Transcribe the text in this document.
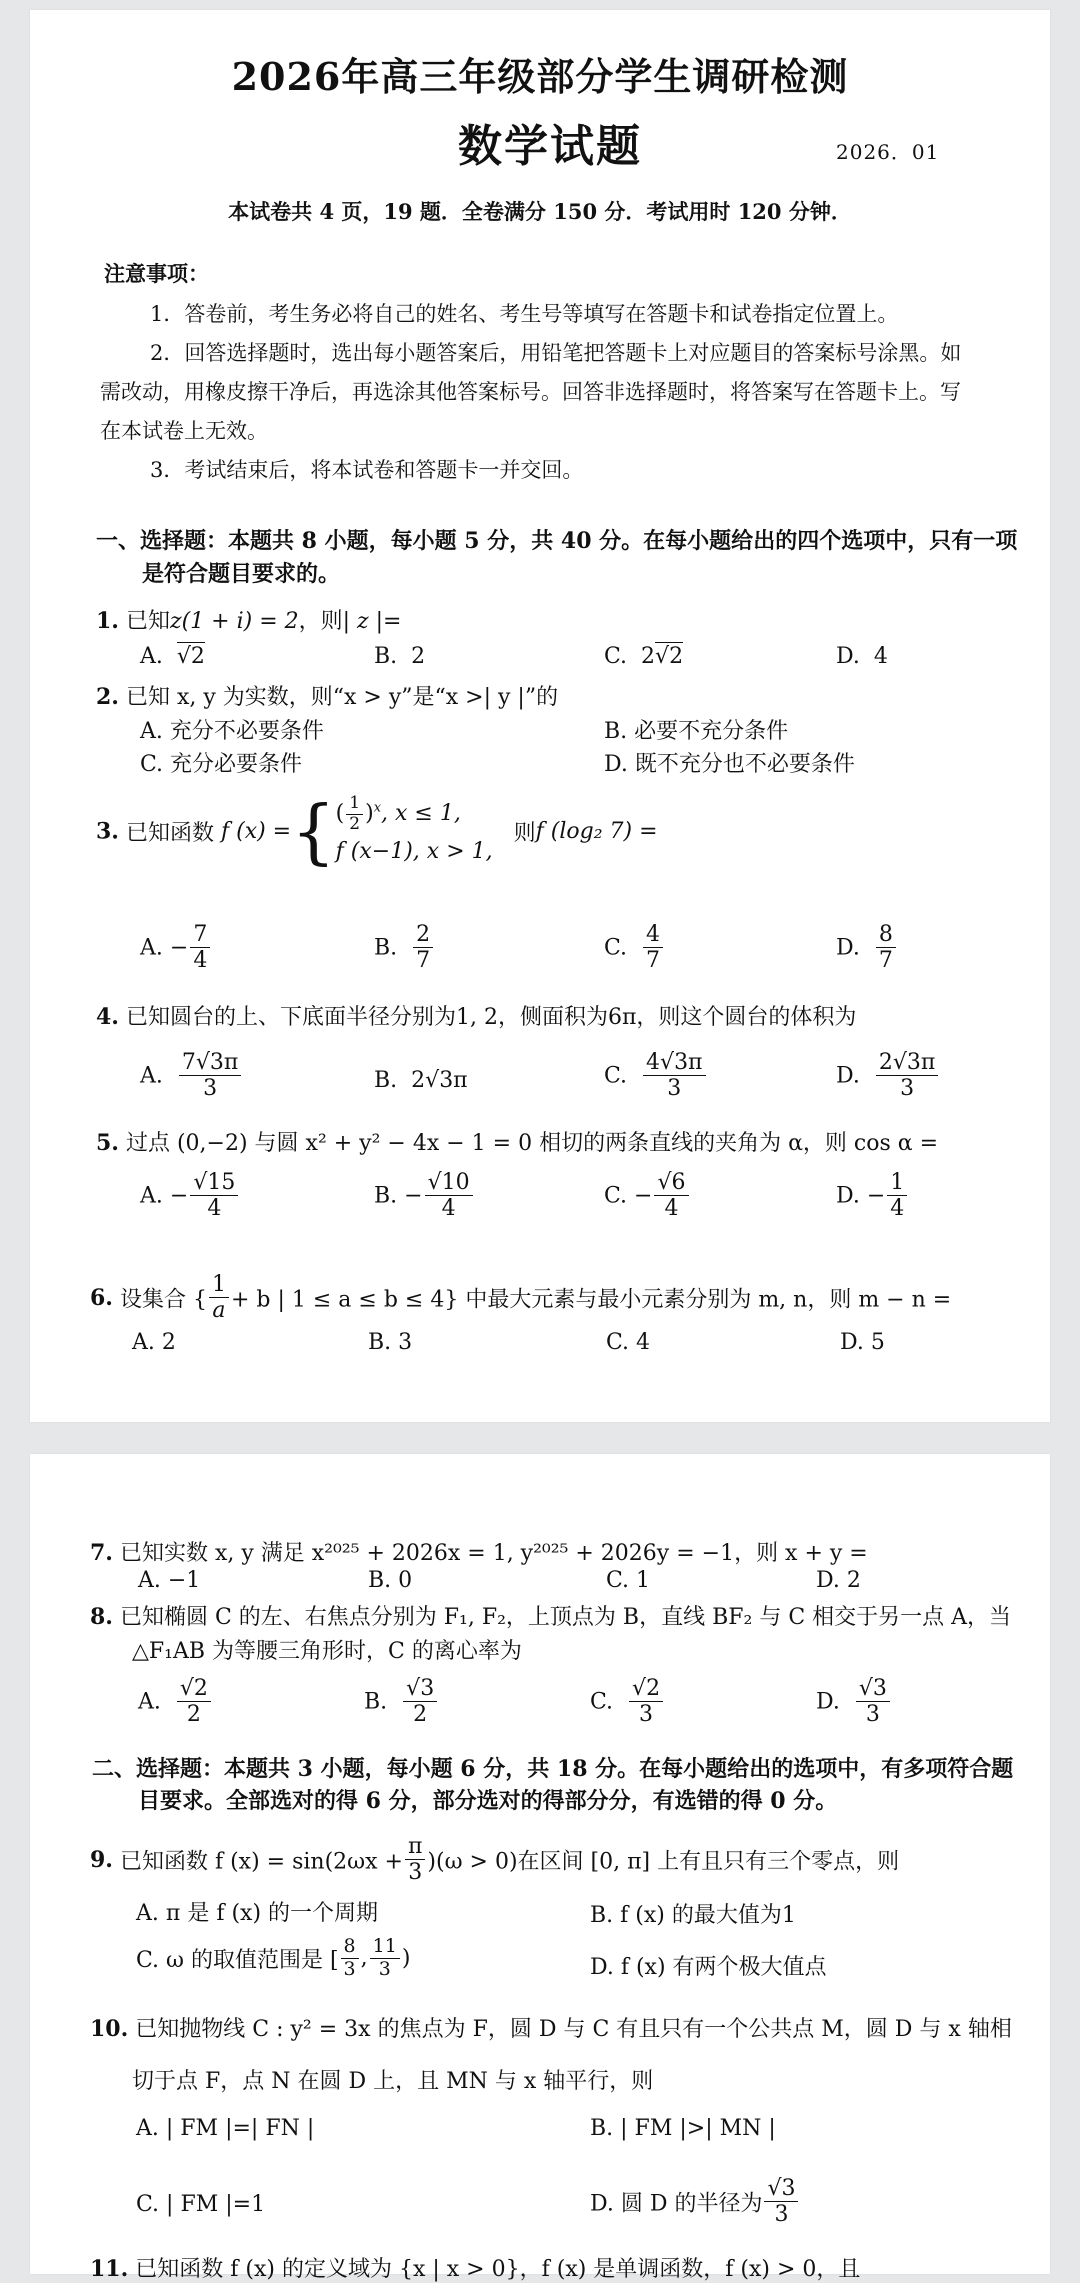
2026年高三年级部分学生调研检测
数学试题	2026．01
本试卷共 4 页，19 题．全卷满分 150 分．考试用时 120 分钟．
注意事项：
1．答卷前，考生务必将自己的姓名、考生号等填写在答题卡和试卷指定位置上。
2．回答选择题时，选出每小题答案后，用铅笔把答题卡上对应题目的答案标号涂黑。如
需改动，用橡皮擦干净后，再选涂其他答案标号。回答非选择题时，将答案写在答题卡上。写
在本试卷上无效。
3．考试结束后，将本试卷和答题卡一并交回。
一、选择题：本题共 8 小题，每小题 5 分，共 40 分。在每小题给出的四个选项中，只有一项
是符合题目要求的。
1. 已知z(1 + i) = 2，则| z |=
A. √2	B. 2	C. 2√2	D. 4
2. 已知 x, y 为实数，则“x > y”是“x >| y |”的
A. 充分不必要条件	B. 必要不充分条件
C. 充分必要条件	D. 既不充分也不必要条件
3. 已知函数 f (x) ={ ( $\frac{1}{2} )^x$, x ≤ 1,
f (x−1), x > 1,
则f (log₂ 7) =
A. − $\frac{7}{4}$	B. $\frac{2}{7}$	C. $\frac{4}{7}$	D. $\frac{8}{7}$
4. 已知圆台的上、下底面半径分别为1, 2，侧面积为6π，则这个圆台的体积为
A. $\frac{7√3\pi}{3}$	B. 2√3π	C. $\frac{4√3\pi}{3}$	D. $\frac{2√3\pi}{3}$
5. 过点 (0,−2) 与圆 x² + y² − 4x − 1 = 0 相切的两条直线的夹角为 α，则 cos α =
A. − $\frac{√15}{4}$	B. − $\frac{√10}{4}$	C. − $\frac{√6}{4}$	D. − $\frac{1}{4}$
6. 设集合 { $\frac{1}{a} + b$ | 1 ≤ a ≤ b ≤ 4} 中最大元素与最小元素分别为 m, n，则 m − n =
A. 2	B. 3	C. 4	D. 5
7. 已知实数 x, y 满足 x²⁰²⁵ + 2026x = 1, y²⁰²⁵ + 2026y = −1，则 x + y =
A. −1	B. 0	C. 1	D. 2
8. 已知椭圆 C 的左、右焦点分别为 F₁, F₂，上顶点为 B，直线 BF₂ 与 C 相交于另一点 A，当
△F₁AB 为等腰三角形时，C 的离心率为
A. $\frac{√2}{2}$	B. $\frac{√3}{2}$	C. $\frac{√2}{3}$	D. $\frac{√3}{3}$
二、选择题：本题共 3 小题，每小题 6 分，共 18 分。在每小题给出的选项中，有多项符合题
目要求。全部选对的得 6 分，部分选对的得部分分，有选错的得 0 分。
9. 已知函数 f $(x) = \sin(2\omega x + \frac{\pi}{3} )(\omega > 0)$在区间 [0, π] 上有且只有三个零点，则
A. π 是 f (x) 的一个周期	B. f (x) 的最大值为1
C. ω 的取值范围是 [ $\frac{8}{3}$ , $\frac{11}{3}$ )	D. f (x) 有两个极大值点
10. 已知抛物线 C : y² = 3x 的焦点为 F，圆 D 与 C 有且只有一个公共点 M，圆 D 与 x 轴相
切于点 F，点 N 在圆 D 上，且 MN 与 x 轴平行，则
A. | FM |=| FN |	B. | FM |>| MN |
C. | FM |=1	D. 圆 D 的半径为 $\frac{√3}{3}$
11. 已知函数 f (x) 的定义域为 {x | x > 0}，f (x) 是单调函数，f (x) > 0，且
